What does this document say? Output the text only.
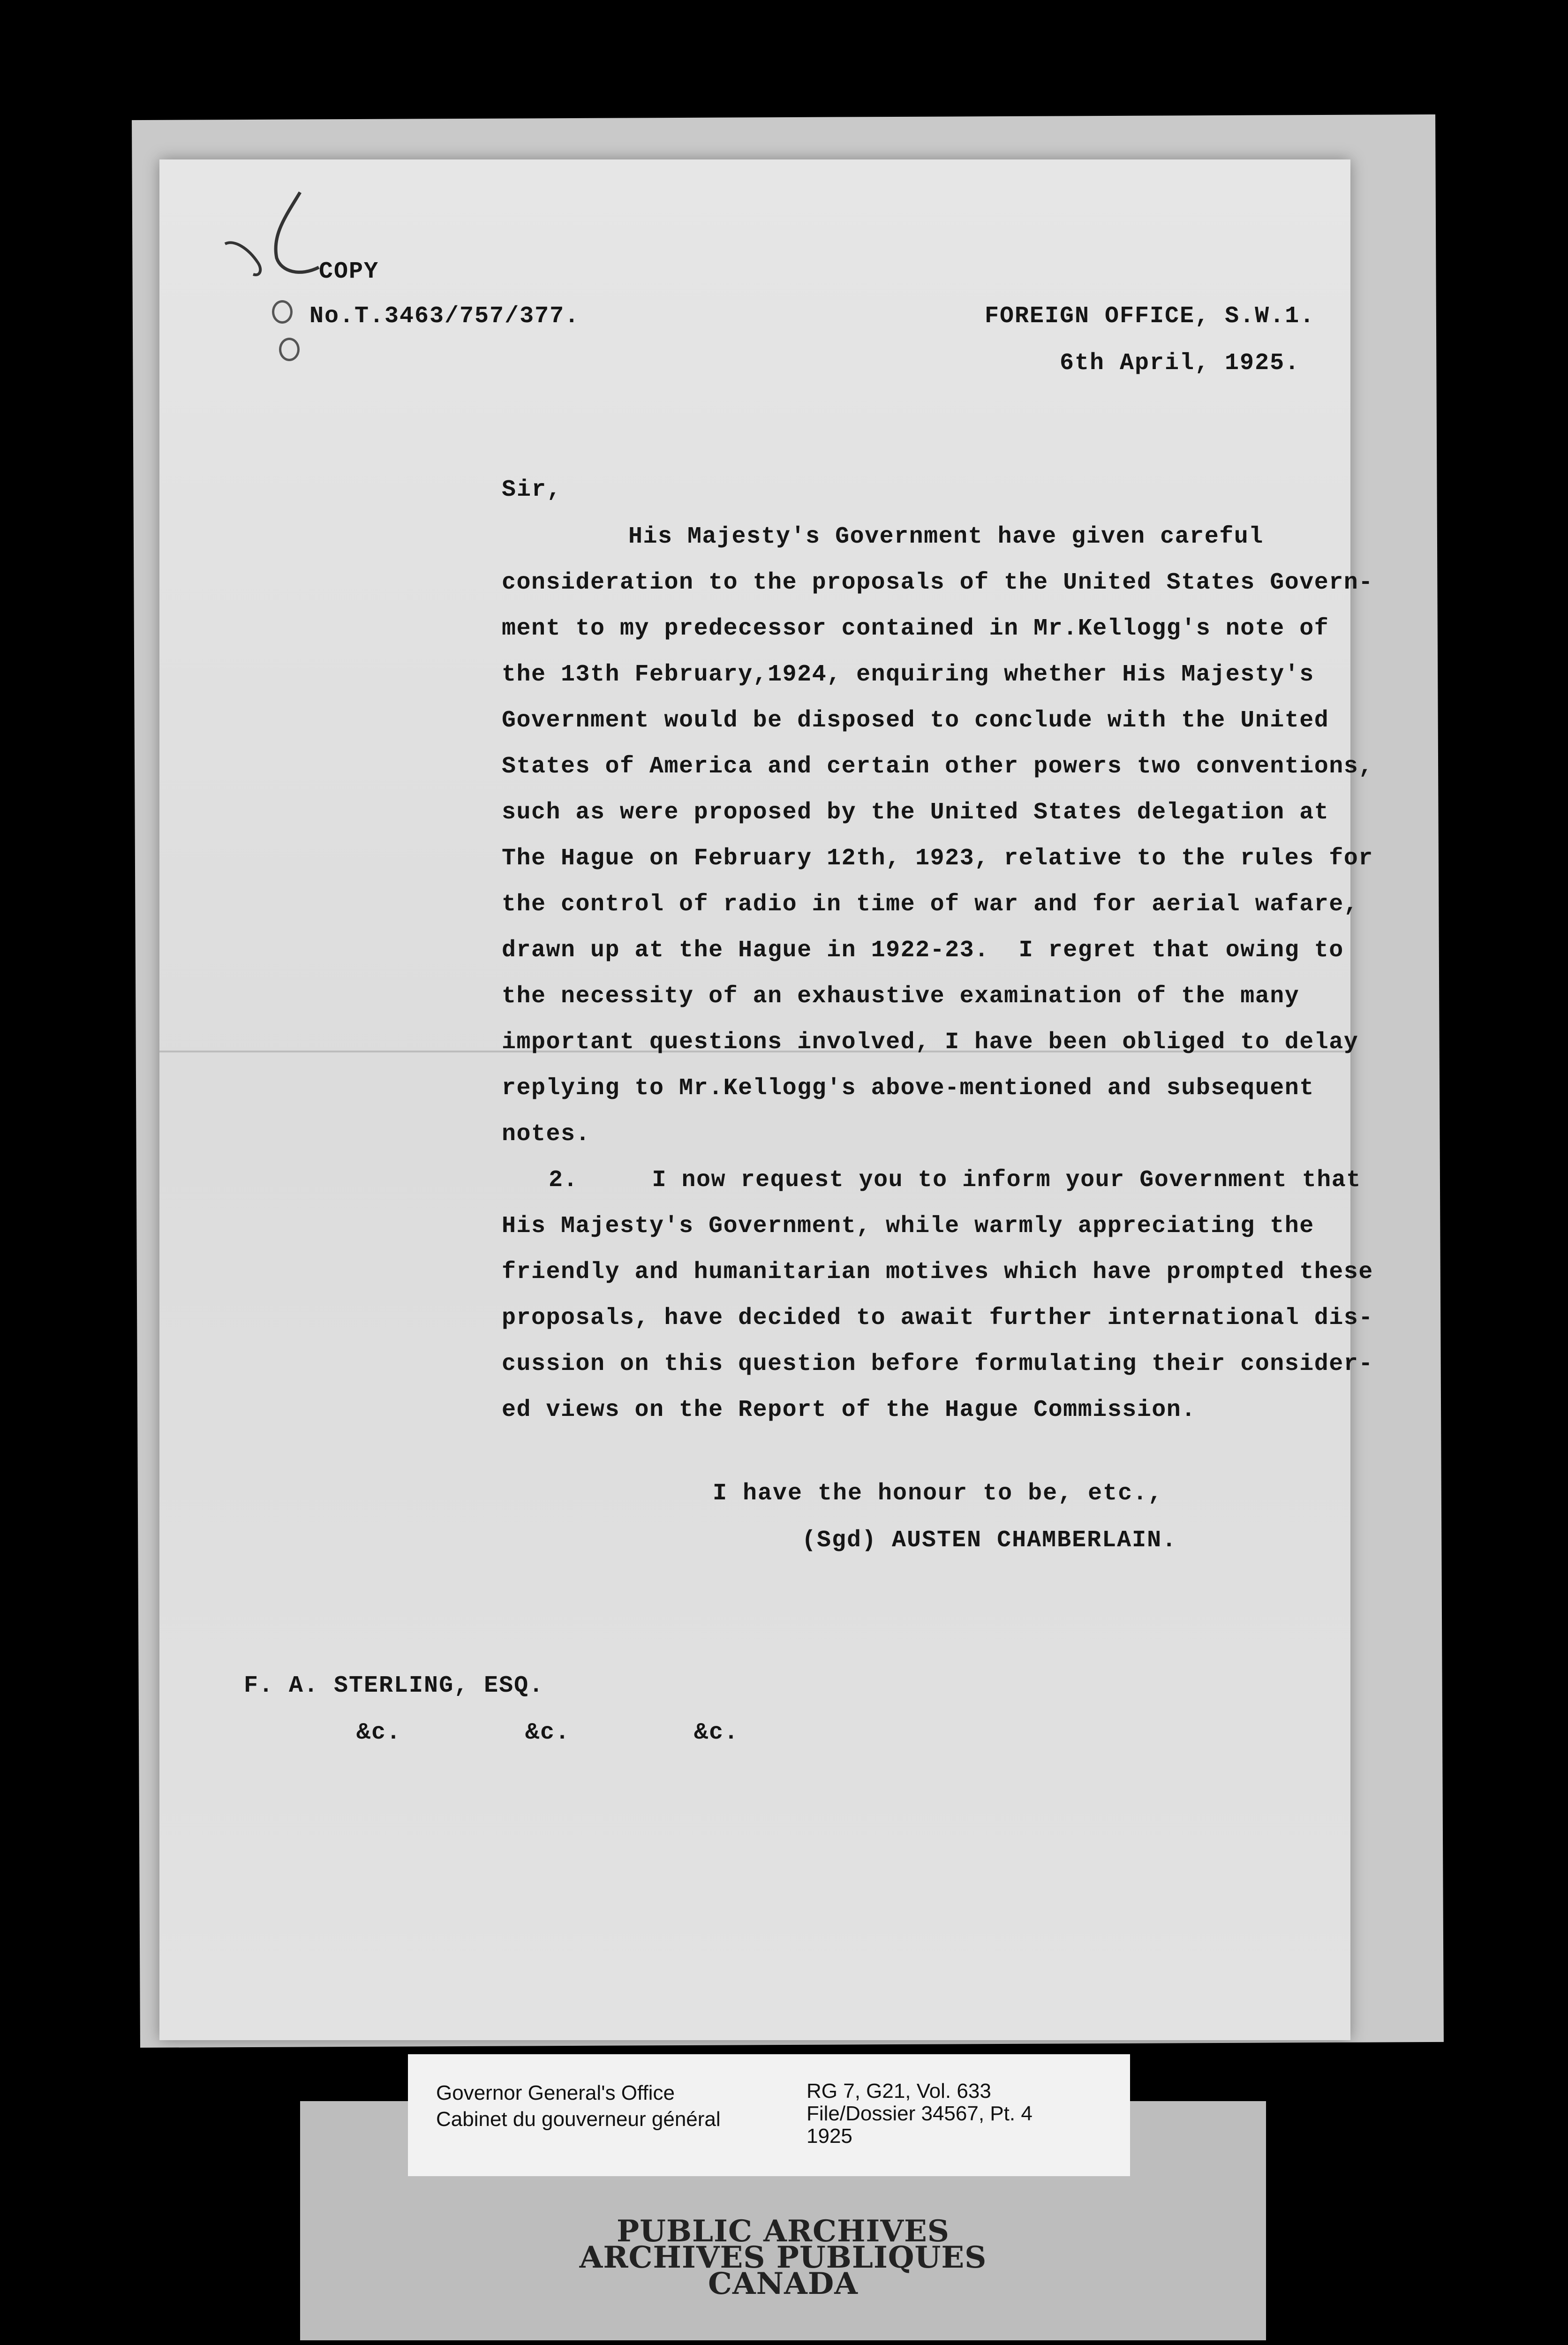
COPY
No.T.3463/757/377.	FOREIGN OFFICE, S.W.1.
6th April, 1925.
Sir,
His Majesty's Government have given careful
consideration to the proposals of the United States Govern-
ment to my predecessor contained in Mr.Kellogg's note of
the 13th February,1924, enquiring whether His Majesty's
Government would be disposed to conclude with the United
States of America and certain other powers two conventions,
such as were proposed by the United States delegation at
The Hague on February 12th, 1923, relative to the rules for
the control of radio in time of war and for aerial wafare,
drawn up at the Hague in 1922-23.  I regret that owing to
the necessity of an exhaustive examination of the many
important questions involved, I have been obliged to delay
replying to Mr.Kellogg's above-mentioned and subsequent
notes.
2.     I now request you to inform your Government that
His Majesty's Government, while warmly appreciating the
friendly and humanitarian motives which have prompted these
proposals, have decided to await further international dis-
cussion on this question before formulating their consider-
ed views on the Report of the Hague Commission.
I have the honour to be, etc.,
(Sgd) AUSTEN CHAMBERLAIN.
F. A. STERLING, ESQ.
&c.	&c.	&c.
Governor General's Office
Cabinet du gouverneur général
RG 7, G21, Vol. 633
File/Dossier 34567, Pt. 4
1925
PUBLIC ARCHIVES
ARCHIVES PUBLIQUES
CANADA
